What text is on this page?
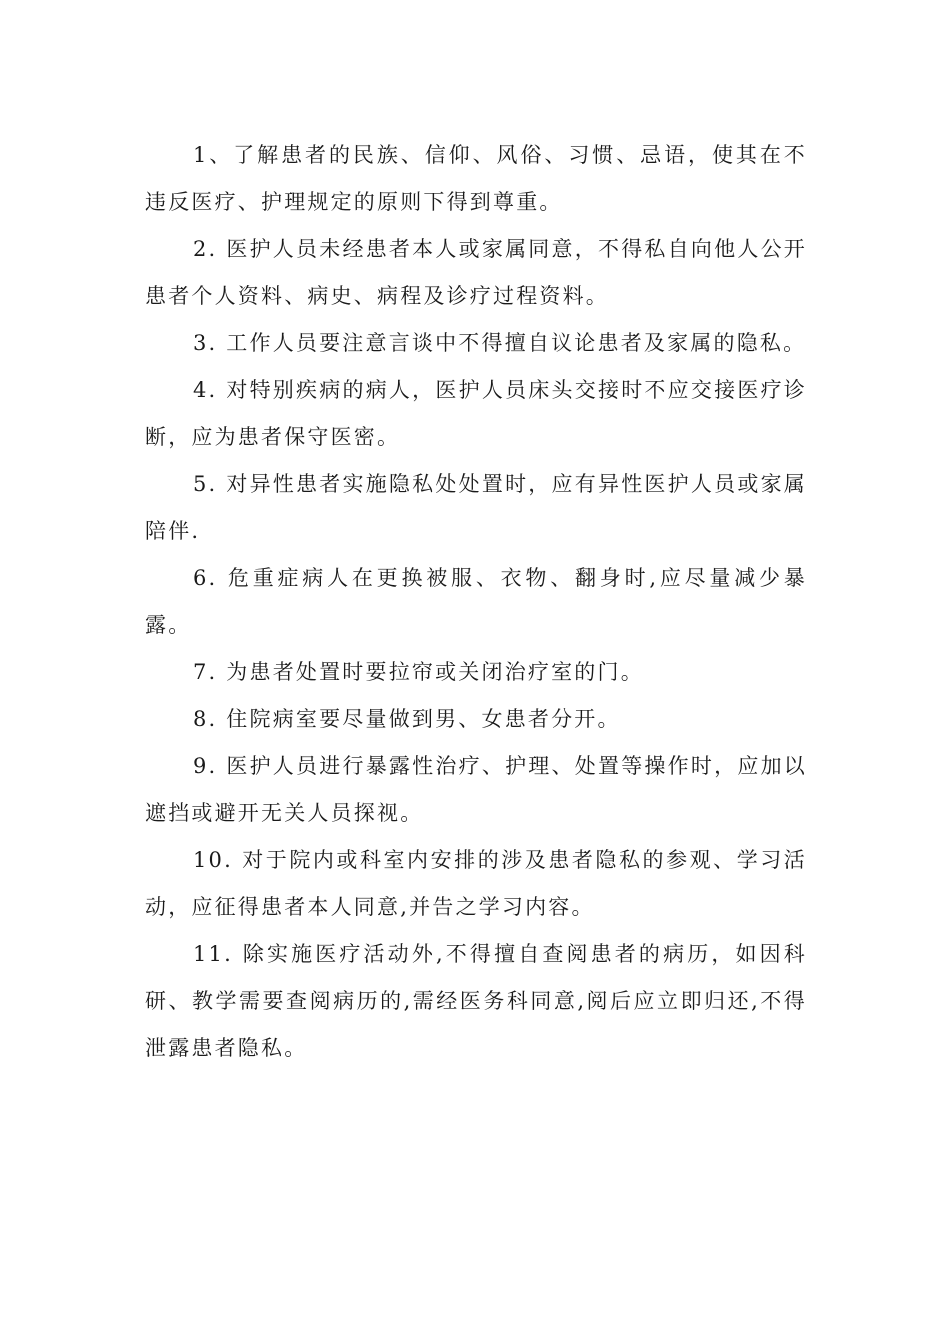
1、了解患者的民族、信仰、风俗、习惯、忌语，使其在不违反医疗、护理规定的原则下得到尊重。

2. 医护人员未经患者本人或家属同意，不得私自向他人公开患者个人资料、病史、病程及诊疗过程资料。

3. 工作人员要注意言谈中不得擅自议论患者及家属的隐私。

4. 对特别疾病的病人，医护人员床头交接时不应交接医疗诊断，应为患者保守医密。

5. 对异性患者实施隐私处处置时，应有异性医护人员或家属陪伴.

6. 危重症病人在更换被服、衣物、翻身时,应尽量减少暴露。

7. 为患者处置时要拉帘或关闭治疗室的门。

8. 住院病室要尽量做到男、女患者分开。

9. 医护人员进行暴露性治疗、护理、处置等操作时，应加以遮挡或避开无关人员探视。

10. 对于院内或科室内安排的涉及患者隐私的参观、学习活动，应征得患者本人同意,并告之学习内容。

11. 除实施医疗活动外,不得擅自查阅患者的病历，如因科研、教学需要查阅病历的,需经医务科同意,阅后应立即归还,不得泄露患者隐私。
